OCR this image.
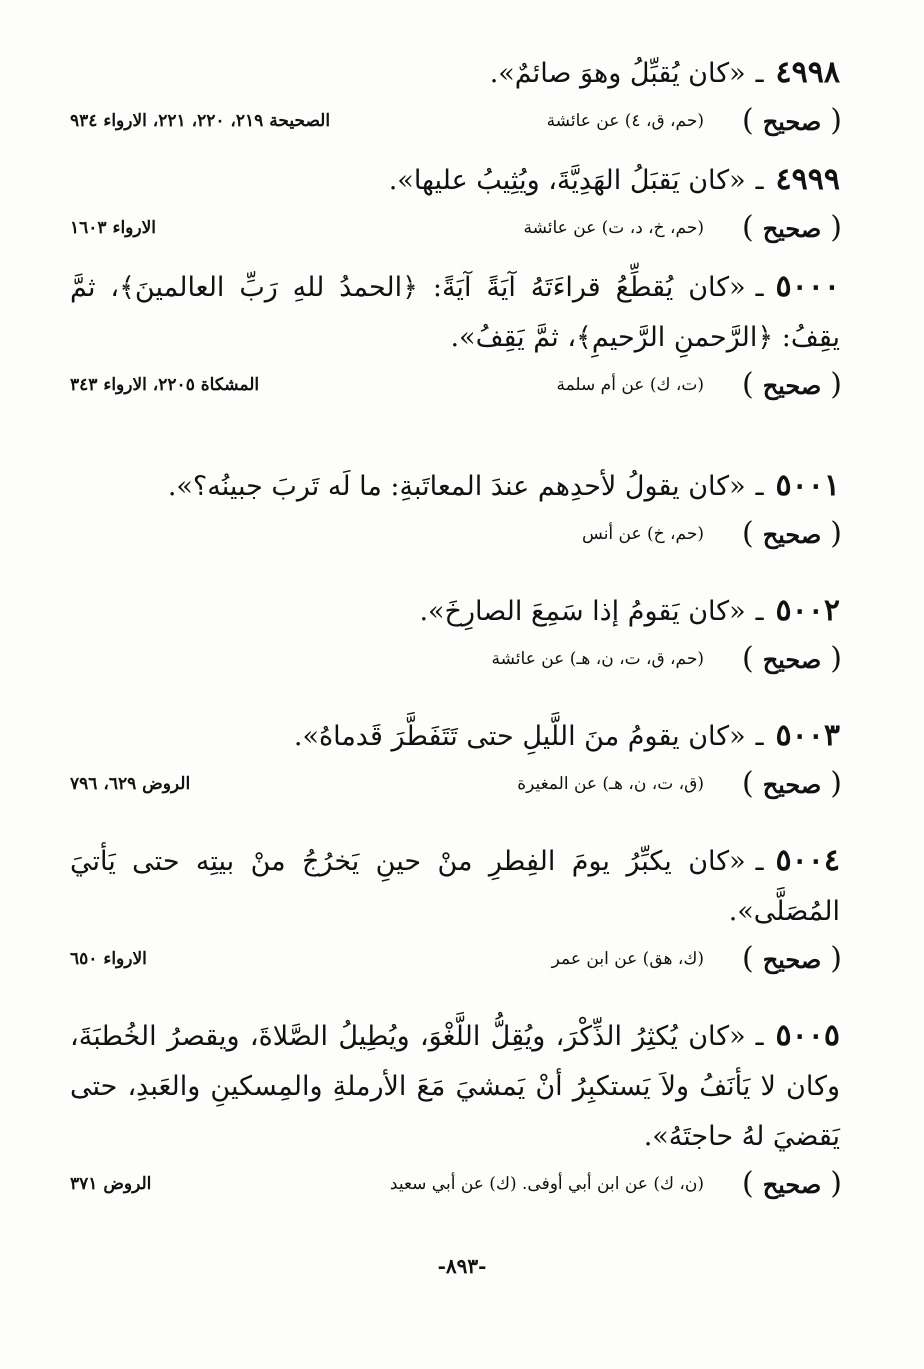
٤٩٩٨ـ«كان يُقبِّلُ وهوَ صائمٌ».

( صحيح )
(حم، ق، ٤) عن عائشة
الصحيحة ٢١٩، ٢٢٠، ٢٢١، الارواء ٩٣٤

٤٩٩٩ـ«كان يَقبَلُ الهَدِيَّةَ، ويُثِيبُ عليها».

( صحيح )
(حم، خ، د، ت) عن عائشة
الارواء ١٦٠٣

٥٠٠٠ـ«كان يُقطِّعُ قراءَتَهُ آيَةً آيَةً: ﴿الحمدُ للهِ رَبِّ العالمينَ﴾، ثمَّ يقِفُ: ﴿الرَّحمنِ الرَّحيمِ﴾، ثمَّ يَقِفُ».

( صحيح )
(ت، ك) عن أم سلمة
المشكاة ٢٢٠٥، الارواء ٣٤٣

٥٠٠١ـ«كان يقولُ لأحدِهم عندَ المعاتَبةِ: ما لَه تَربَ جبينُه؟».

( صحيح )
(حم، خ) عن أنس

٥٠٠٢ـ«كان يَقومُ إذا سَمِعَ الصارِخَ».

( صحيح )
(حم، ق، ت، ن، هـ) عن عائشة

٥٠٠٣ـ«كان يقومُ منَ اللَّيلِ حتى تَتَفَطَّرَ قَدماهُ».

( صحيح )
(ق، ت، ن، هـ) عن المغيرة
الروض ٦٢٩، ٧٩٦

٥٠٠٤ـ«كان يكبِّرُ يومَ الفِطرِ منْ حينِ يَخرُجُ منْ بيتِه حتى يَأتيَ المُصَلَّى».

( صحيح )
(ك، هق) عن ابن عمر
الارواء ٦٥٠

٥٠٠٥ـ«كان يُكثِرُ الذِّكْرَ، ويُقِلُّ اللَّغْوَ، ويُطِيلُ الصَّلاةَ، ويقصرُ الخُطبَةَ، وكان لا يَأنَفُ ولاَ يَستكبِرُ أنْ يَمشيَ مَعَ الأرملةِ والمِسكينِ والعَبدِ، حتى يَقضيَ لهُ حاجتَهُ».

( صحيح )
(ن، ك) عن ابن أبي أوفى. (ك) عن أبي سعيد
الروض ٣٧١
-٨٩٣-
